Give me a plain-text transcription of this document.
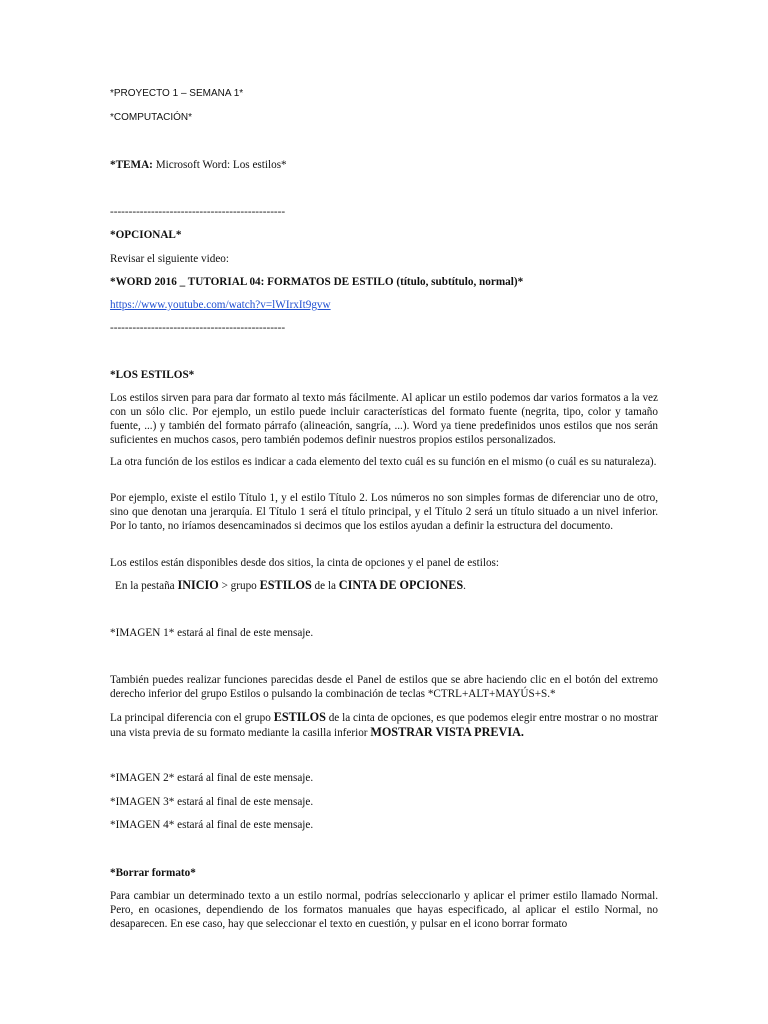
*PROYECTO 1 – SEMANA 1*
*COMPUTACIÓN*
*TEMA: Microsoft Word: Los estilos*
-----------------------------------------------
*OPCIONAL*
Revisar el siguiente video:
*WORD 2016 _ TUTORIAL 04: FORMATOS DE ESTILO (título, subtítulo, normal)*
https://www.youtube.com/watch?v=lWIrxIt9gvw
-----------------------------------------------
*LOS ESTILOS*
Los estilos sirven para para dar formato al texto más fácilmente. Al aplicar un estilo podemos dar varios formatos a la vez con un sólo clic. Por ejemplo, un estilo puede incluir características del formato fuente (negrita, tipo, color y tamaño fuente, ...) y también del formato párrafo (alineación, sangría, ...). Word ya tiene predefinidos unos estilos que nos serán suficientes en muchos casos, pero también podemos definir nuestros propios estilos personalizados.
La otra función de los estilos es indicar a cada elemento del texto cuál es su función en el mismo (o cuál es su naturaleza).
Por ejemplo, existe el estilo Título 1, y el estilo Título 2. Los números no son simples formas de diferenciar uno de otro, sino que denotan una jerarquía. El Título 1 será el título principal, y el Título 2 será un título situado a un nivel inferior. Por lo tanto, no iríamos desencaminados si decimos que los estilos ayudan a definir la estructura del documento.
Los estilos están disponibles desde dos sitios, la cinta de opciones y el panel de estilos:
En la pestaña INICIO > grupo ESTILOS de la CINTA DE OPCIONES.
*IMAGEN 1* estará al final de este mensaje.
También puedes realizar funciones parecidas desde el Panel de estilos que se abre haciendo clic en el botón del extremo derecho inferior del grupo Estilos o pulsando la combinación de teclas *CTRL+ALT+MAYÚS+S.*
La principal diferencia con el grupo ESTILOS de la cinta de opciones, es que podemos elegir entre mostrar o no mostrar una vista previa de su formato mediante la casilla inferior MOSTRAR VISTA PREVIA.
*IMAGEN 2* estará al final de este mensaje.
*IMAGEN 3* estará al final de este mensaje.
*IMAGEN 4* estará al final de este mensaje.
*Borrar formato*
Para cambiar un determinado texto a un estilo normal, podrías seleccionarlo y aplicar el primer estilo llamado Normal. Pero, en ocasiones, dependiendo de los formatos manuales que hayas especificado, al aplicar el estilo Normal, no desaparecen. En ese caso, hay que seleccionar el texto en cuestión, y pulsar en el icono borrar formato
